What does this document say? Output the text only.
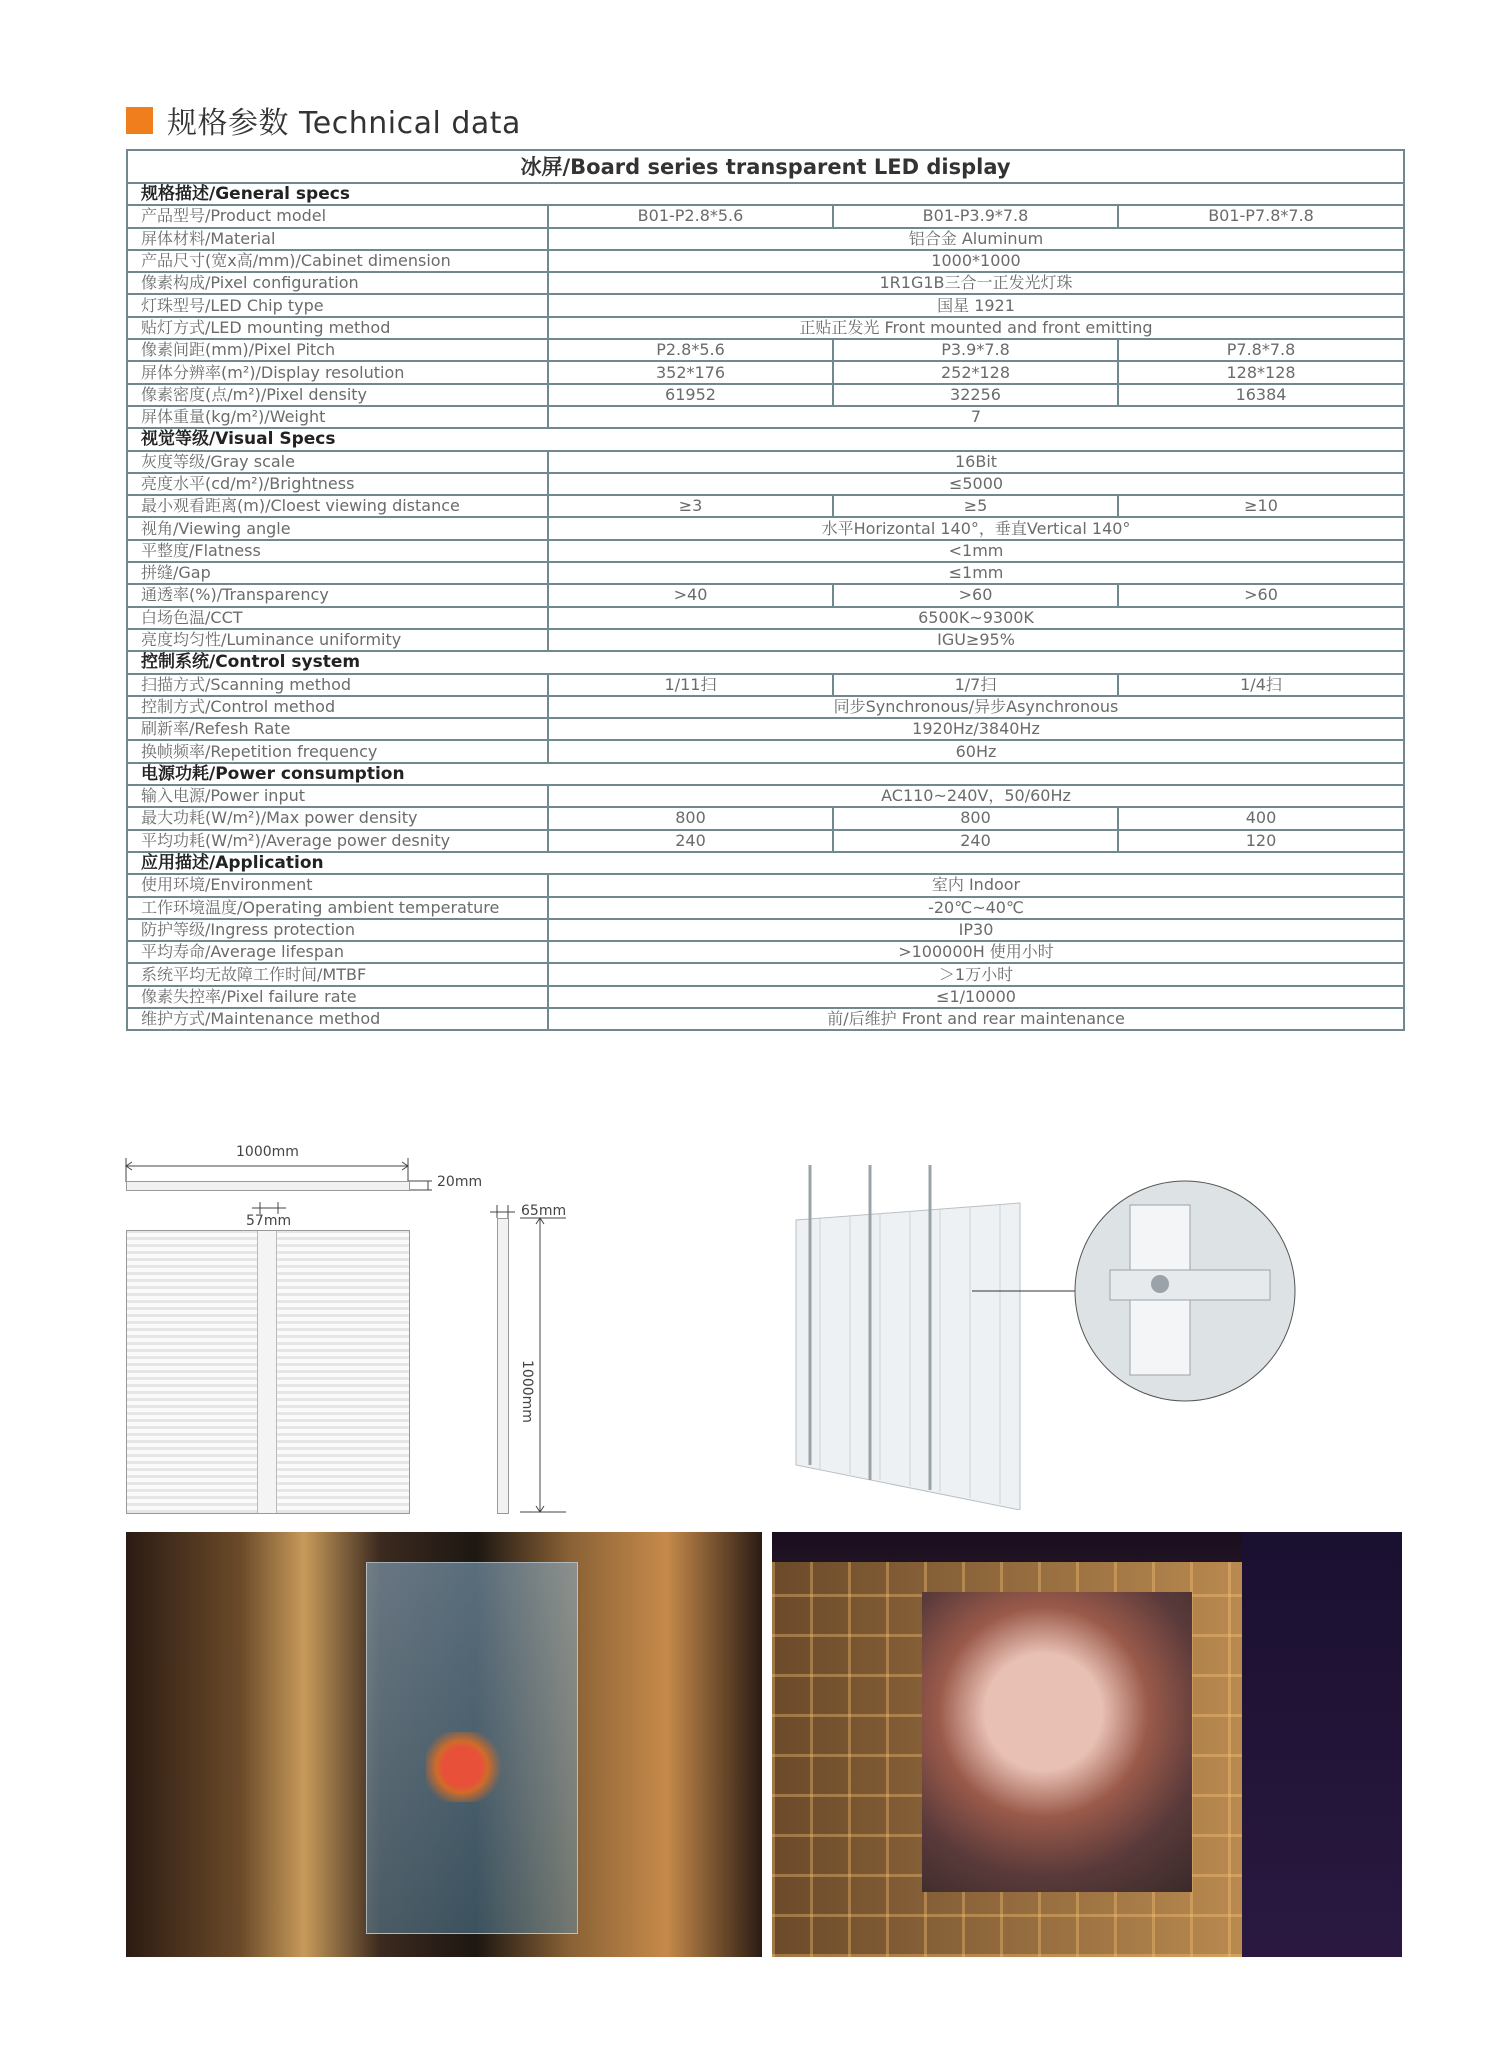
规格参数 Technical data
冰屏/Board series transparent LED display			
规格描述/General specs			
产品型号/Product model	B01-P2.8*5.6	B01-P3.9*7.8	B01-P7.8*7.8
屏体材料/Material	铝合金 Aluminum		
产品尺寸(宽x高/mm)/Cabinet dimension	1000*1000		
像素构成/Pixel configuration	1R1G1B三合一正发光灯珠		
灯珠型号/LED Chip type	国星 1921		
贴灯方式/LED mounting method	正贴正发光 Front mounted and front emitting		
像素间距(mm)/Pixel Pitch	P2.8*5.6	P3.9*7.8	P7.8*7.8
屏体分辨率(m²)/Display resolution	352*176	252*128	128*128
像素密度(点/m²)/Pixel density	61952	32256	16384
屏体重量(kg/m²)/Weight	7		
视觉等级/Visual Specs			
灰度等级/Gray scale	16Bit		
亮度水平(cd/m²)/Brightness	≤5000		
最小观看距离(m)/Cloest viewing distance	≥3	≥5	≥10
视角/Viewing angle	水平Horizontal 140°，垂直Vertical 140°		
平整度/Flatness	<1mm		
拼缝/Gap	≤1mm		
通透率(%)/Transparency	>40	>60	>60
白场色温/CCT	6500K~9300K		
亮度均匀性/Luminance uniformity	IGU≥95%		
控制系统/Control system			
扫描方式/Scanning method	1/11扫	1/7扫	1/4扫
控制方式/Control method	同步Synchronous/异步Asynchronous		
刷新率/Refesh Rate	1920Hz/3840Hz		
换帧频率/Repetition frequency	60Hz		
电源功耗/Power consumption			
输入电源/Power input	AC110~240V，50/60Hz		
最大功耗(W/m²)/Max power density	800	800	400
平均功耗(W/m²)/Average power desnity	240	240	120
应用描述/Application			
使用环境/Environment	室内 Indoor		
工作环境温度/Operating ambient temperature	-20℃~40℃		
防护等级/Ingress protection	IP30		
平均寿命/Average lifespan	>100000H 使用小时		
系统平均无故障工作时间/MTBF	＞1万小时		
像素失控率/Pixel failure rate	≤1/10000		
维护方式/Maintenance method	前/后维护 Front and rear maintenance		
1000mm
20mm
57mm
65mm
1000mm
